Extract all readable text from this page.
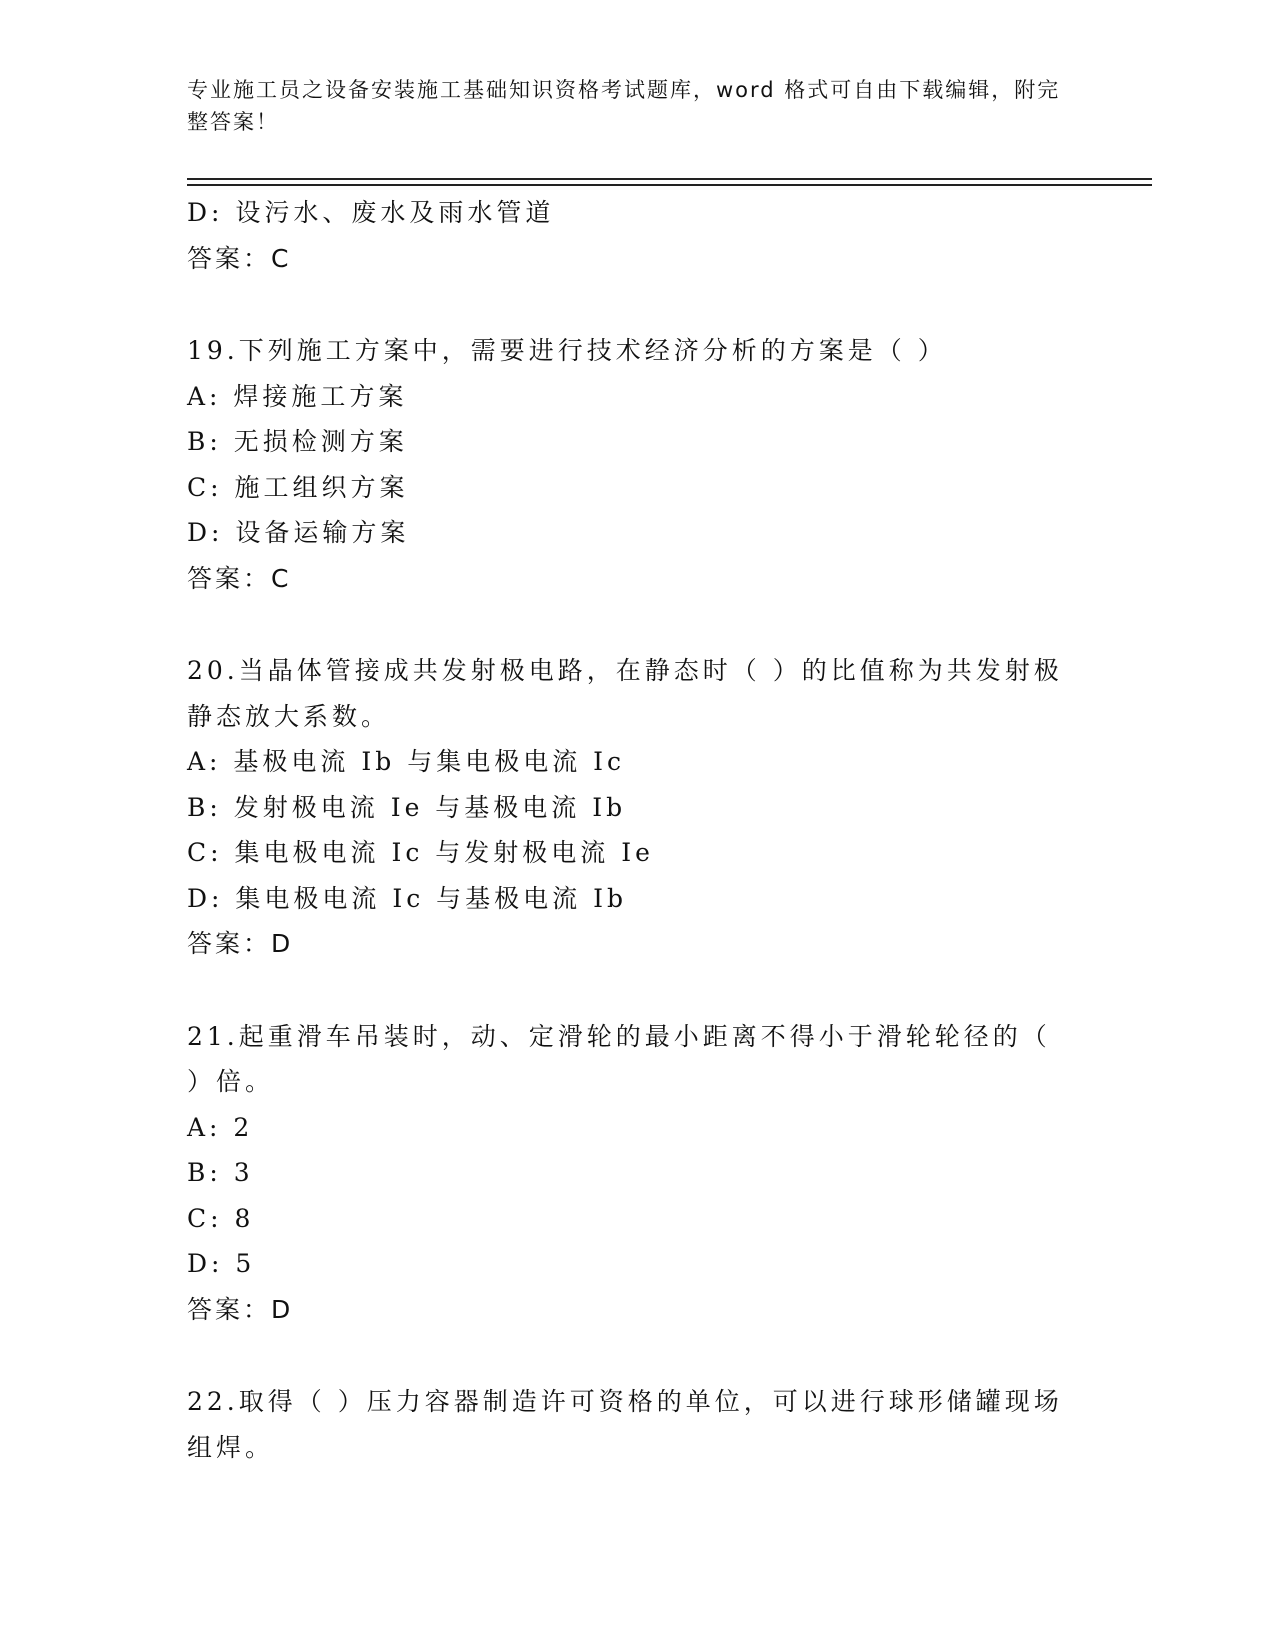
专业施工员之设备安装施工基础知识资格考试题库，word 格式可自由下载编辑，附完整答案！
D: 设污水、废水及雨水管道
答案：C
19.下列施工方案中，需要进行技术经济分析的方案是（ ）
A: 焊接施工方案
B: 无损检测方案
C: 施工组织方案
D: 设备运输方案
答案：C
20.当晶体管接成共发射极电路，在静态时（ ）的比值称为共发射极静态放大系数。
A: 基极电流 Ib 与集电极电流 Ic
B: 发射极电流 Ie 与基极电流 Ib
C: 集电极电流 Ic 与发射极电流 Ie
D: 集电极电流 Ic 与基极电流 Ib
答案：D
21.起重滑车吊装时，动、定滑轮的最小距离不得小于滑轮轮径的（ ）倍。
A: 2
B: 3
C: 8
D: 5
答案：D
22.取得（ ）压力容器制造许可资格的单位，可以进行球形储罐现场组焊。
